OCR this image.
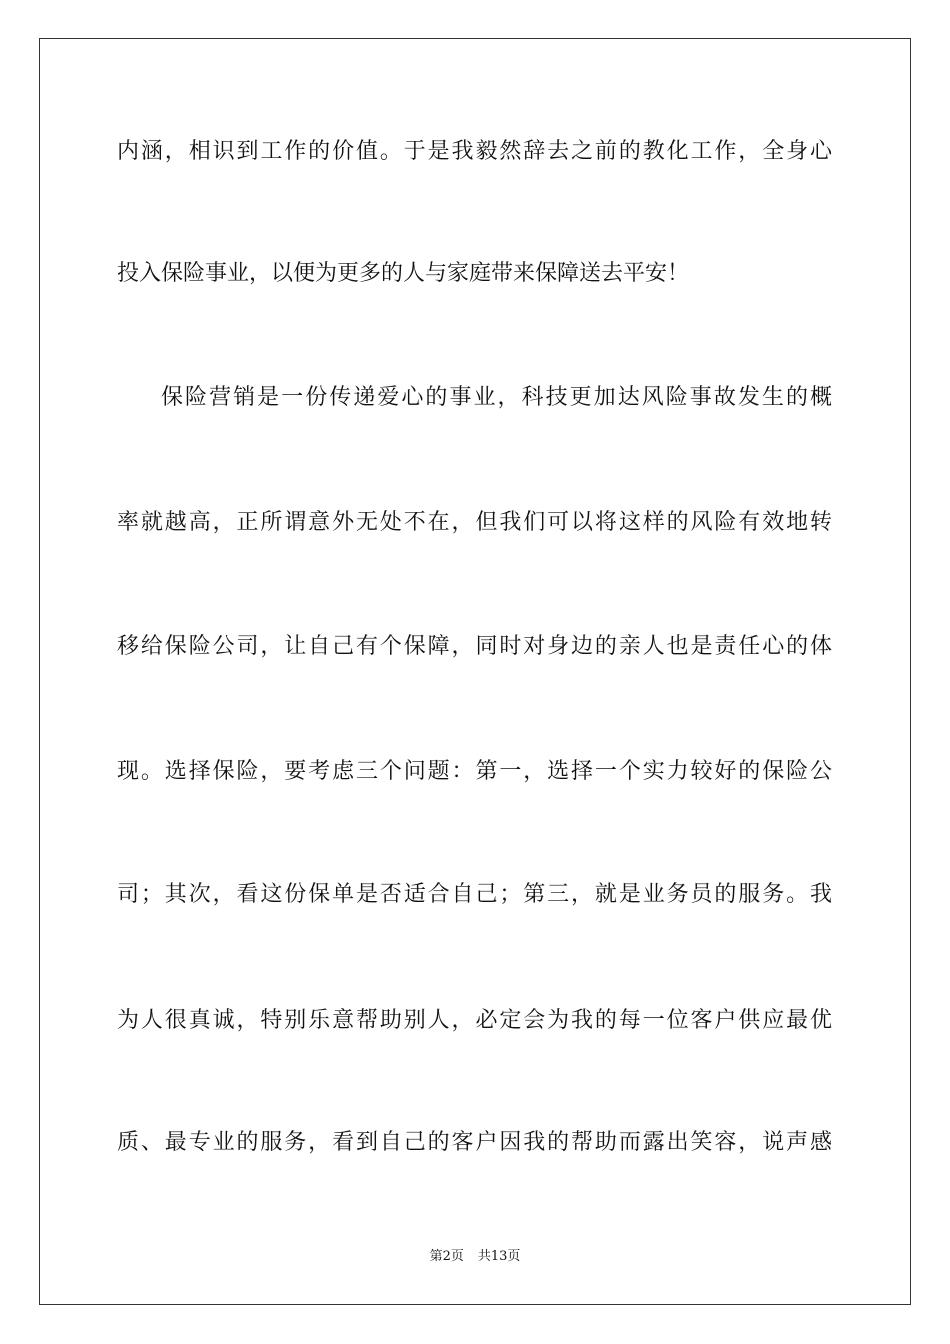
内涵，相识到工作的价值。于是我毅然辞去之前的教化工作，全身心
投入保险事业，以便为更多的人与家庭带来保障送去平安！
保险营销是一份传递爱心的事业，科技更加达风险事故发生的概
率就越高，正所谓意外无处不在，但我们可以将这样的风险有效地转
移给保险公司，让自己有个保障，同时对身边的亲人也是责任心的体
现。选择保险，要考虑三个问题：第一，选择一个实力较好的保险公
司；其次，看这份保单是否适合自己；第三，就是业务员的服务。我
为人很真诚，特别乐意帮助别人，必定会为我的每一位客户供应最优
质、最专业的服务，看到自己的客户因我的帮助而露出笑容，说声感
第2页 共13页
